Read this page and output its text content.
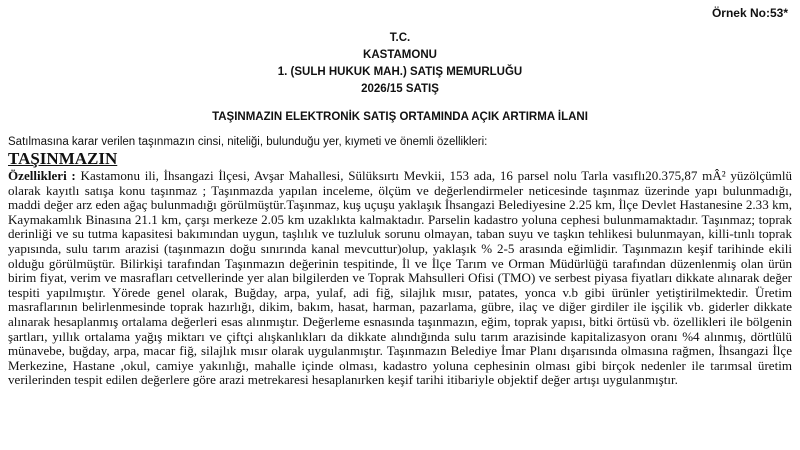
Örnek No:53*
T.C.
KASTAMONU
1. (SULH HUKUK MAH.) SATIŞ MEMURLUĞU
2026/15 SATIŞ
TAŞINMAZIN ELEKTRONİK SATIŞ ORTAMINDA AÇIK ARTIRMA İLANI
Satılmasına karar verilen taşınmazın cinsi, niteliği, bulunduğu yer, kıymeti ve önemli özellikleri:
TAŞINMAZIN

Özellikleri : Kastamonu ili, İhsangazi İlçesi, Avşar Mahallesi, Sülüksırtı Mevkii, 153 ada, 16 parsel nolu Tarla vasıflı20.375,87 mÂ² yüzölçümlü olarak kayıtlı satışa konu taşınmaz ; Taşınmazda yapılan inceleme, ölçüm ve değerlendirmeler neticesinde taşınmaz üzerinde yapı bulunmadığı, maddi değer arz eden ağaç bulunmadığı görülmüştür.Taşınmaz, kuş uçuşu yaklaşık İhsangazi Belediyesine 2.25 km, İlçe Devlet Hastanesine 2.33 km, Kaymakamlık Binasına 21.1 km, çarşı merkeze 2.05 km uzaklıkta kalmaktadır. Parselin kadastro yoluna cephesi bulunmamaktadır. Taşınmaz; toprak derinliği ve su tutma kapasitesi bakımından uygun, taşlılık ve tuzluluk sorunu olmayan, taban suyu ve taşkın tehlikesi bulunmayan, killi-tınlı toprak yapısında, sulu tarım arazisi (taşınmazın doğu sınırında kanal mevcuttur)olup, yaklaşık % 2-5 arasında eğimlidir. Taşınmazın keşif tarihinde ekili olduğu görülmüştür. Bilirkişi tarafından Taşınmazın değerinin tespitinde, İl ve İlçe Tarım ve Orman Müdürlüğü tarafından düzenlenmiş olan ürün birim fiyat, verim ve masrafları cetvellerinde yer alan bilgilerden ve Toprak Mahsulleri Ofisi (TMO) ve serbest piyasa fiyatları dikkate alınarak değer tespiti yapılmıştır. Yörede genel olarak, Buğday, arpa, yulaf, adi fiğ, silajlık mısır, patates, yonca v.b gibi ürünler yetiştirilmektedir. Üretim masraflarının belirlenmesinde toprak hazırlığı, dikim, bakım, hasat, harman, pazarlama, gübre, ilaç ve diğer girdiler ile işçilik vb. giderler dikkate alınarak hesaplanmış ortalama değerleri esas alınmıştır. Değerleme esnasında taşınmazın, eğim, toprak yapısı, bitki örtüsü vb. özellikleri ile bölgenin şartları, yıllık ortalama yağış miktarı ve çiftçi alışkanlıkları da dikkate alındığında sulu tarım arazisinde kapitalizasyon oranı %4 alınmış, dörtlülü münavebe, buğday, arpa, macar fiğ, silajlık mısır olarak uygulanmıştır. Taşınmazın Belediye İmar Planı dışarısında olmasına rağmen, İhsangazi İlçe Merkezine, Hastane ,okul, camiye yakınlığı, mahalle içinde olması, kadastro yoluna cephesinin olması gibi birçok nedenler ile tarımsal üretim verilerinden tespit edilen değerlere göre arazi metrekaresi hesaplanırken keşif tarihi itibariyle objektif değer artışı uygulanmıştır.
